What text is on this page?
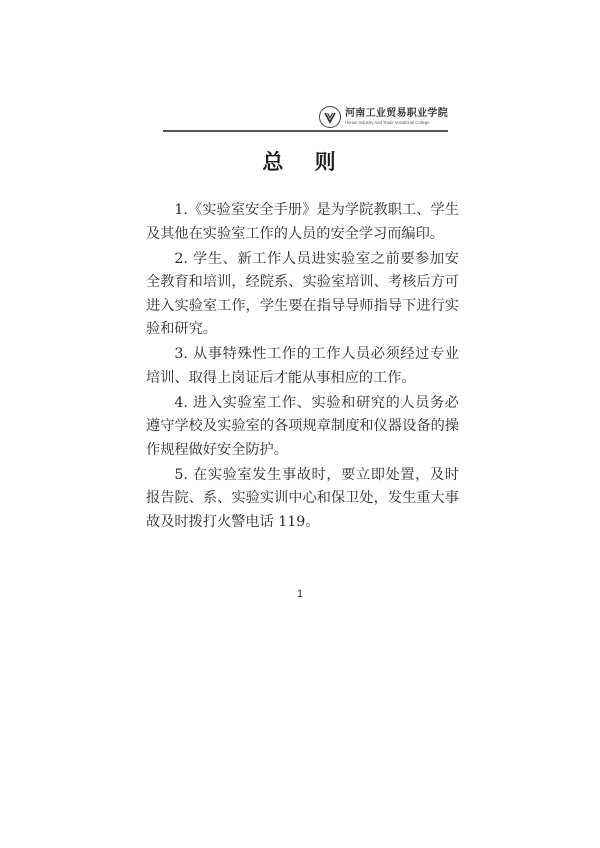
河南工业贸易职业学院
Henan Industry And Trade Vocational College
总 则

1.《实验室安全手册》是为学院教职工、学生及其他在实验室工作的人员的安全学习而编印。

2. 学生、新工作人员进实验室之前要参加安全教育和培训，经院系、实验室培训、考核后方可进入实验室工作，学生要在指导导师指导下进行实验和研究。

3. 从事特殊性工作的工作人员必须经过专业培训、取得上岗证后才能从事相应的工作。

4. 进入实验室工作、实验和研究的人员务必遵守学校及实验室的各项规章制度和仪器设备的操作规程做好安全防护。

5. 在实验室发生事故时，要立即处置，及时报告院、系、实验实训中心和保卫处，发生重大事故及时拨打火警电话 119。

1
